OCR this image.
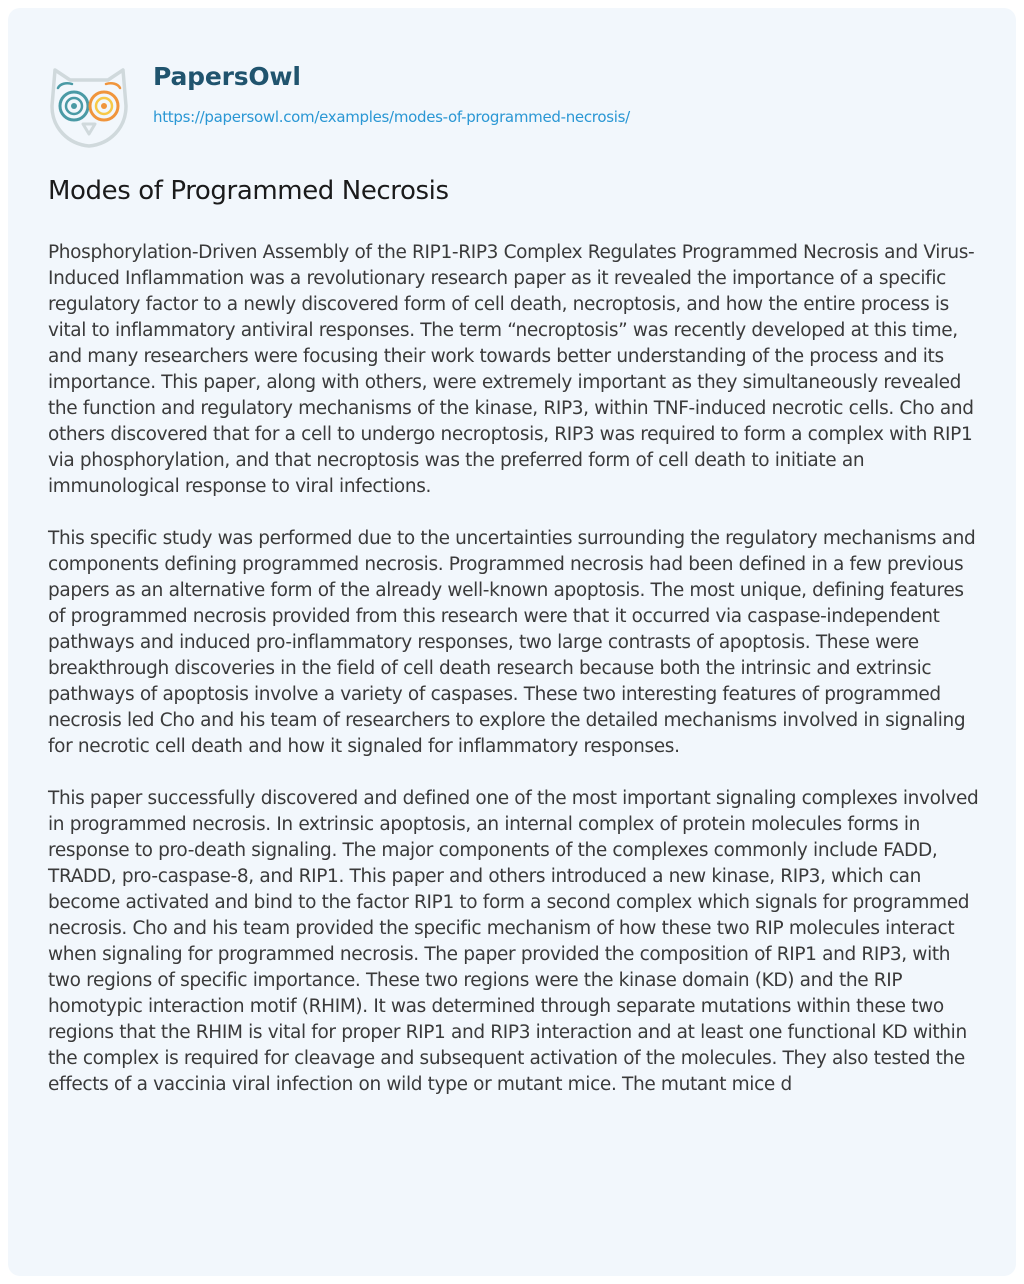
PapersOwl
https://papersowl.com/examples/modes-of-programmed-necrosis/
Modes of Programmed Necrosis

Phosphorylation-Driven Assembly of the RIP1-RIP3 Complex Regulates Programmed Necrosis and Virus-Induced Inflammation was a revolutionary research paper as it revealed the importance of a specific regulatory factor to a newly discovered form of cell death, necroptosis, and how the entire process is vital to inflammatory antiviral responses. The term “necroptosis” was recently developed at this time, and many researchers were focusing their work towards better understanding of the process and its importance. This paper, along with others, were extremely important as they simultaneously revealed the function and regulatory mechanisms of the kinase, RIP3, within TNF-induced necrotic cells. Cho and others discovered that for a cell to undergo necroptosis, RIP3 was required to form a complex with RIP1 via phosphorylation, and that necroptosis was the preferred form of cell death to initiate an immunological response to viral infections.

This specific study was performed due to the uncertainties surrounding the regulatory mechanisms and components defining programmed necrosis. Programmed necrosis had been defined in a few previous papers as an alternative form of the already well-known apoptosis. The most unique, defining features of programmed necrosis provided from this research were that it occurred via caspase-independent pathways and induced pro-inflammatory responses, two large contrasts of apoptosis. These were breakthrough discoveries in the field of cell death research because both the intrinsic and extrinsic pathways of apoptosis involve a variety of caspases. These two interesting features of programmed necrosis led Cho and his team of researchers to explore the detailed mechanisms involved in signaling for necrotic cell death and how it signaled for inflammatory responses.

This paper successfully discovered and defined one of the most important signaling complexes involved in programmed necrosis. In extrinsic apoptosis, an internal complex of protein molecules forms in response to pro-death signaling. The major components of the complexes commonly include FADD, TRADD, pro-caspase-8, and RIP1. This paper and others introduced a new kinase, RIP3, which can become activated and bind to the factor RIP1 to form a second complex which signals for programmed necrosis. Cho and his team provided the specific mechanism of how these two RIP molecules interact when signaling for programmed necrosis. The paper provided the composition of RIP1 and RIP3, with two regions of specific importance. These two regions were the kinase domain (KD) and the RIP homotypic interaction motif (RHIM). It was determined through separate mutations within these two regions that the RHIM is vital for proper RIP1 and RIP3 interaction and at least one functional KD within the complex is required for cleavage and subsequent activation of the molecules. They also tested the effects of a vaccinia viral infection on wild type or mutant mice. The mutant mice d
